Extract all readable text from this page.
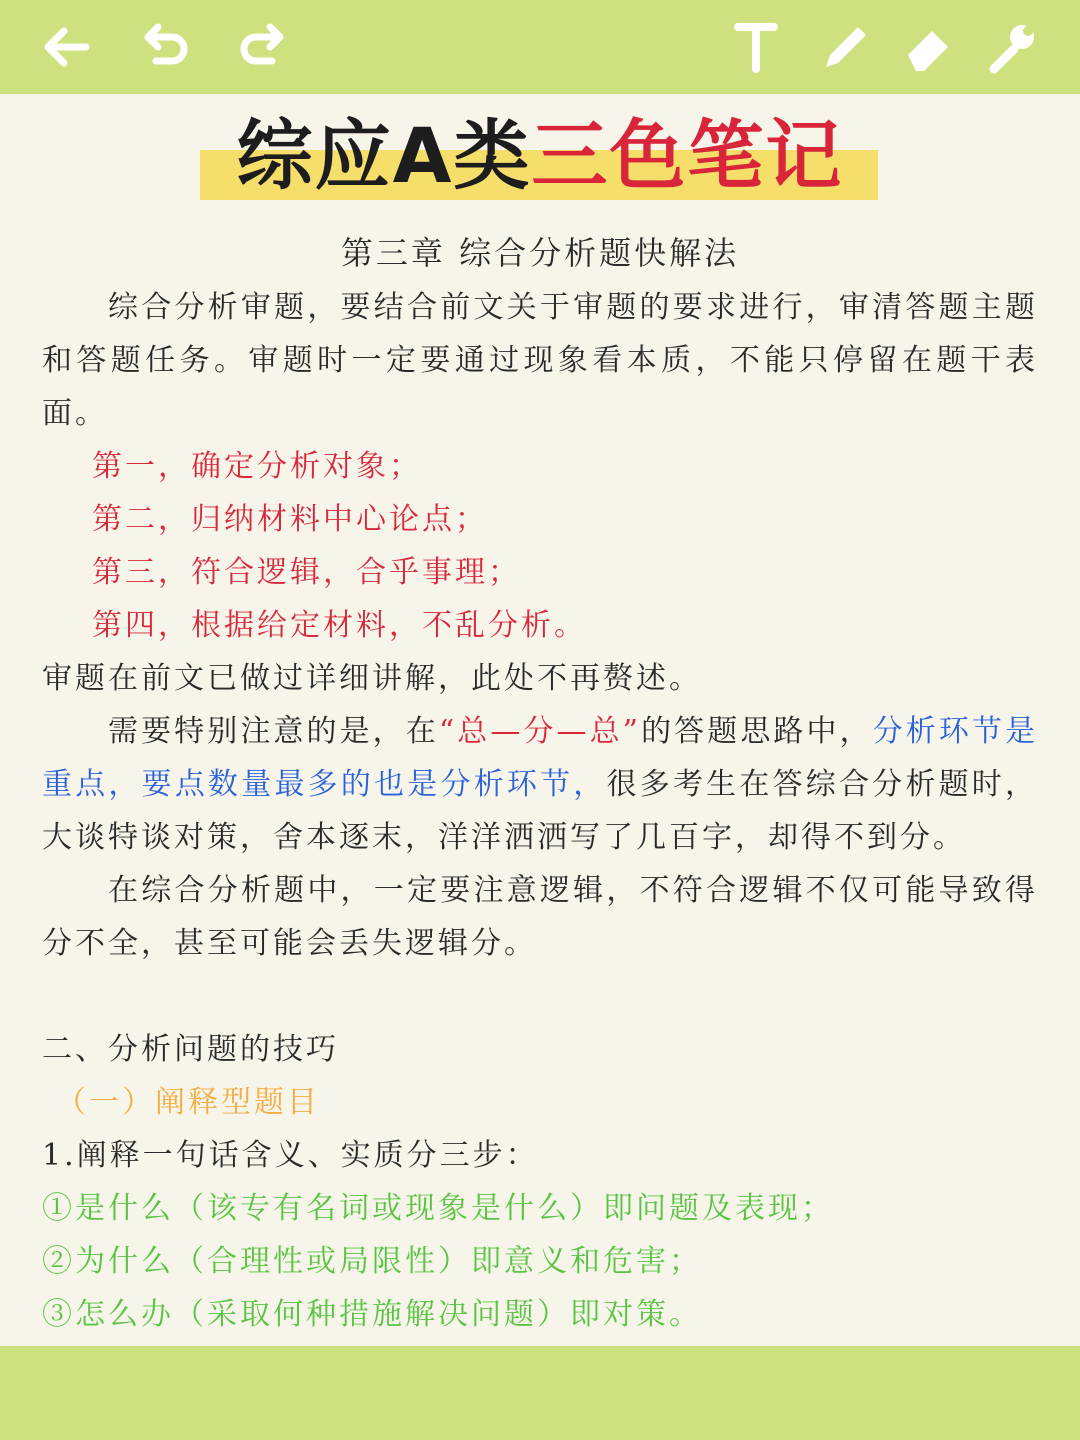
综应A类三色笔记
第三章 综合分析题快解法
综合分析审题，要结合前文关于审题的要求进行，审清答题主题和答题任务。审题时一定要通过现象看本质，不能只停留在题干表面。
第一，确定分析对象；
第二，归纳材料中心论点；
第三，符合逻辑，合乎事理；
第四，根据给定材料，不乱分析。
审题在前文已做过详细讲解，此处不再赘述。
需要特别注意的是，在“总—分—总”的答题思路中，分析环节是重点，要点数量最多的也是分析环节，很多考生在答综合分析题时，大谈特谈对策，舍本逐末，洋洋洒洒写了几百字，却得不到分。
在综合分析题中，一定要注意逻辑，不符合逻辑不仅可能导致得分不全，甚至可能会丢失逻辑分。
二、分析问题的技巧
（一）阐释型题目
1.阐释一句话含义、实质分三步：
①是什么（该专有名词或现象是什么）即问题及表现；
②为什么（合理性或局限性）即意义和危害；
③怎么办（采取何种措施解决问题）即对策。
